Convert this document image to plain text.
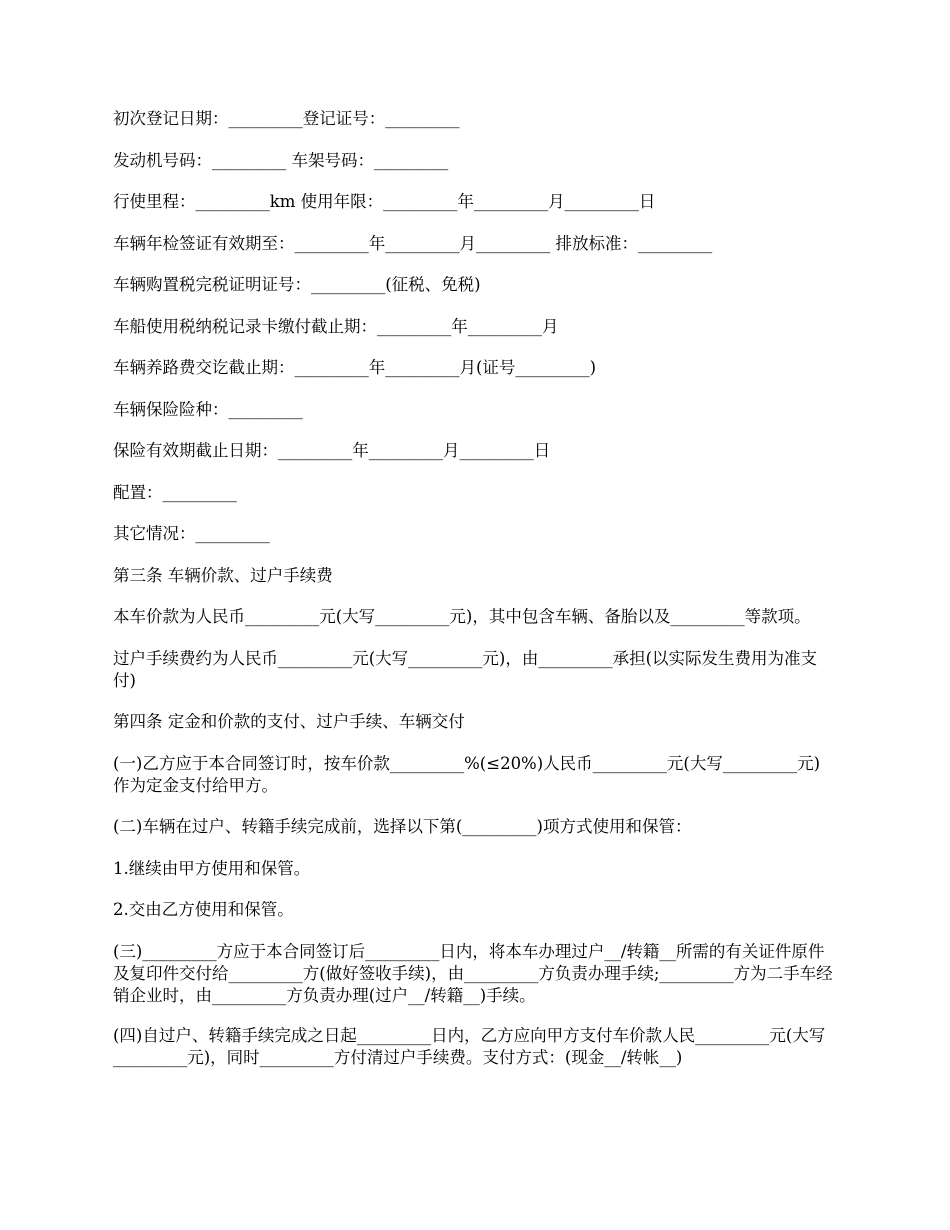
初次登记日期：_________登记证号：_________

发动机号码：_________ 车架号码：_________

行使里程：_________km 使用年限：_________年_________月_________日

车辆年检签证有效期至：_________年_________月_________ 排放标准：_________

车辆购置税完税证明证号：_________(征税、免税)

车船使用税纳税记录卡缴付截止期：_________年_________月

车辆养路费交讫截止期：_________年_________月(证号_________)

车辆保险险种：_________

保险有效期截止日期：_________年_________月_________日

配置：_________

其它情况：_________

第三条 车辆价款、过户手续费

本车价款为人民币_________元(大写_________元)，其中包含车辆、备胎以及_________等款项。

过户手续费约为人民币_________元(大写_________元)，由_________承担(以实际发生费用为准支付)

第四条 定金和价款的支付、过户手续、车辆交付

(一)乙方应于本合同签订时，按车价款_________%(≤20%)人民币_________元(大写_________元)作为定金支付给甲方。

(二)车辆在过户、转籍手续完成前，选择以下第(_________)项方式使用和保管：

1.继续由甲方使用和保管。

2.交由乙方使用和保管。

(三)_________方应于本合同签订后_________日内，将本车办理过户__/转籍__所需的有关证件原件及复印件交付给_________方(做好签收手续)，由_________方负责办理手续;_________方为二手车经销企业时，由_________方负责办理(过户__/转籍__)手续。

(四)自过户、转籍手续完成之日起_________日内，乙方应向甲方支付车价款人民_________元(大写_________元)，同时_________方付清过户手续费。支付方式：(现金__/转帐__)
